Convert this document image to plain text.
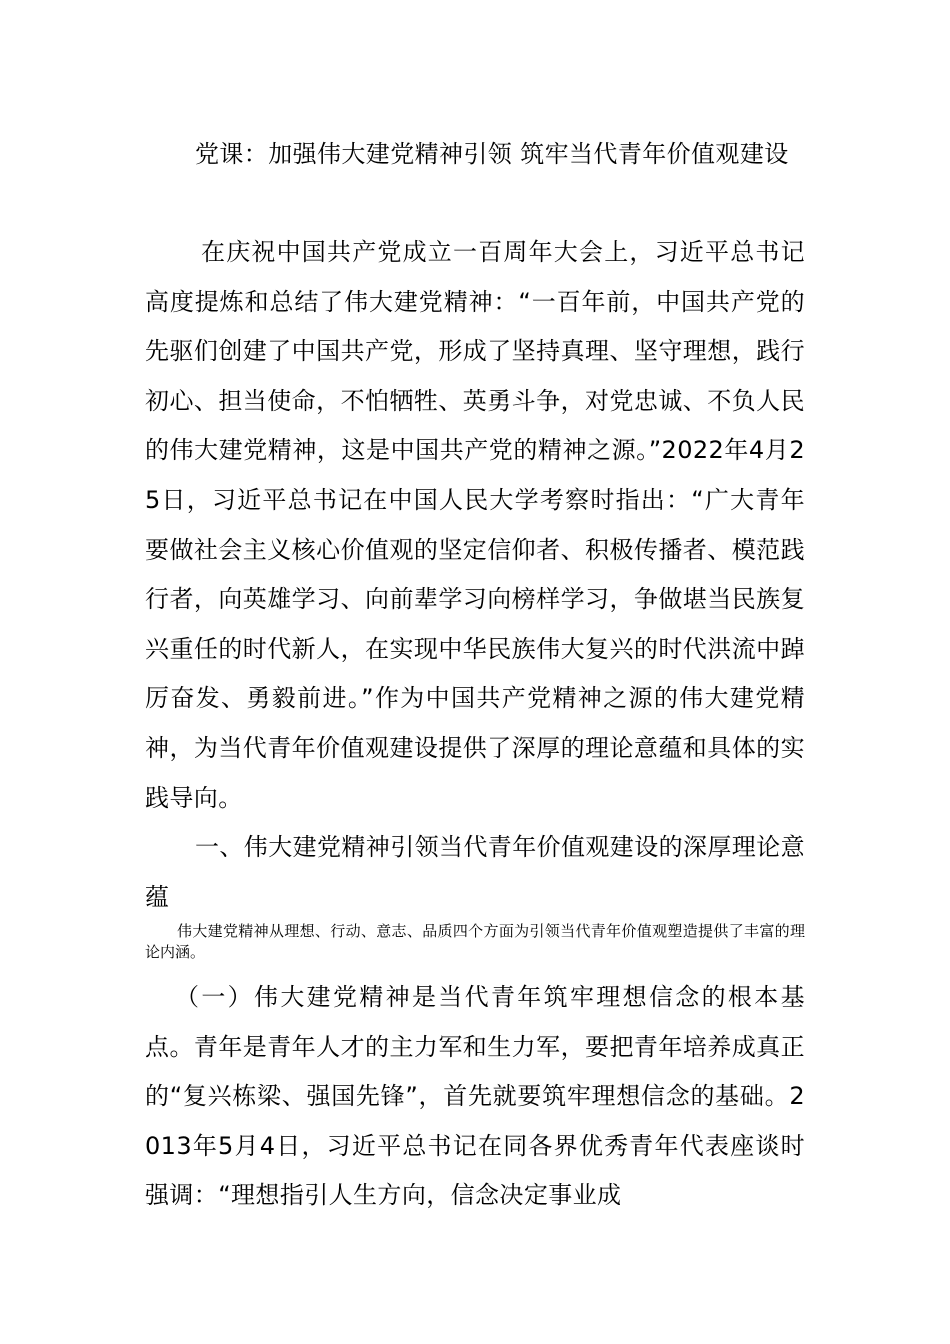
党课：加强伟大建党精神引领 筑牢当代青年价值观建设
在庆祝中国共产党成立一百周年大会上，习近平总书记高度提炼和总结了伟大建党精神：“一百年前，中国共产党的先驱们创建了中国共产党，形成了坚持真理、坚守理想，践行初心、担当使命，不怕牺牲、英勇斗争，对党忠诚、不负人民的伟大建党精神，这是中国共产党的精神之源。”2022年4月25日，习近平总书记在中国人民大学考察时指出：“广大青年要做社会主义核心价值观的坚定信仰者、积极传播者、模范践行者，向英雄学习、向前辈学习向榜样学习，争做堪当民族复兴重任的时代新人，在实现中华民族伟大复兴的时代洪流中踔厉奋发、勇毅前进。”作为中国共产党精神之源的伟大建党精神，为当代青年价值观建设提供了深厚的理论意蕴和具体的实践导向。
一、伟大建党精神引领当代青年价值观建设的深厚理论意蕴
伟大建党精神从理想、行动、意志、品质四个方面为引领当代青年价值观塑造提供了丰富的理论内涵。
（一）伟大建党精神是当代青年筑牢理想信念的根本基点。青年是青年人才的主力军和生力军，要把青年培养成真正的“复兴栋梁、强国先锋”，首先就要筑牢理想信念的基础。2013年5月4日，习近平总书记在同各界优秀青年代表座谈时强调：“理想指引人生方向，信念决定事业成
